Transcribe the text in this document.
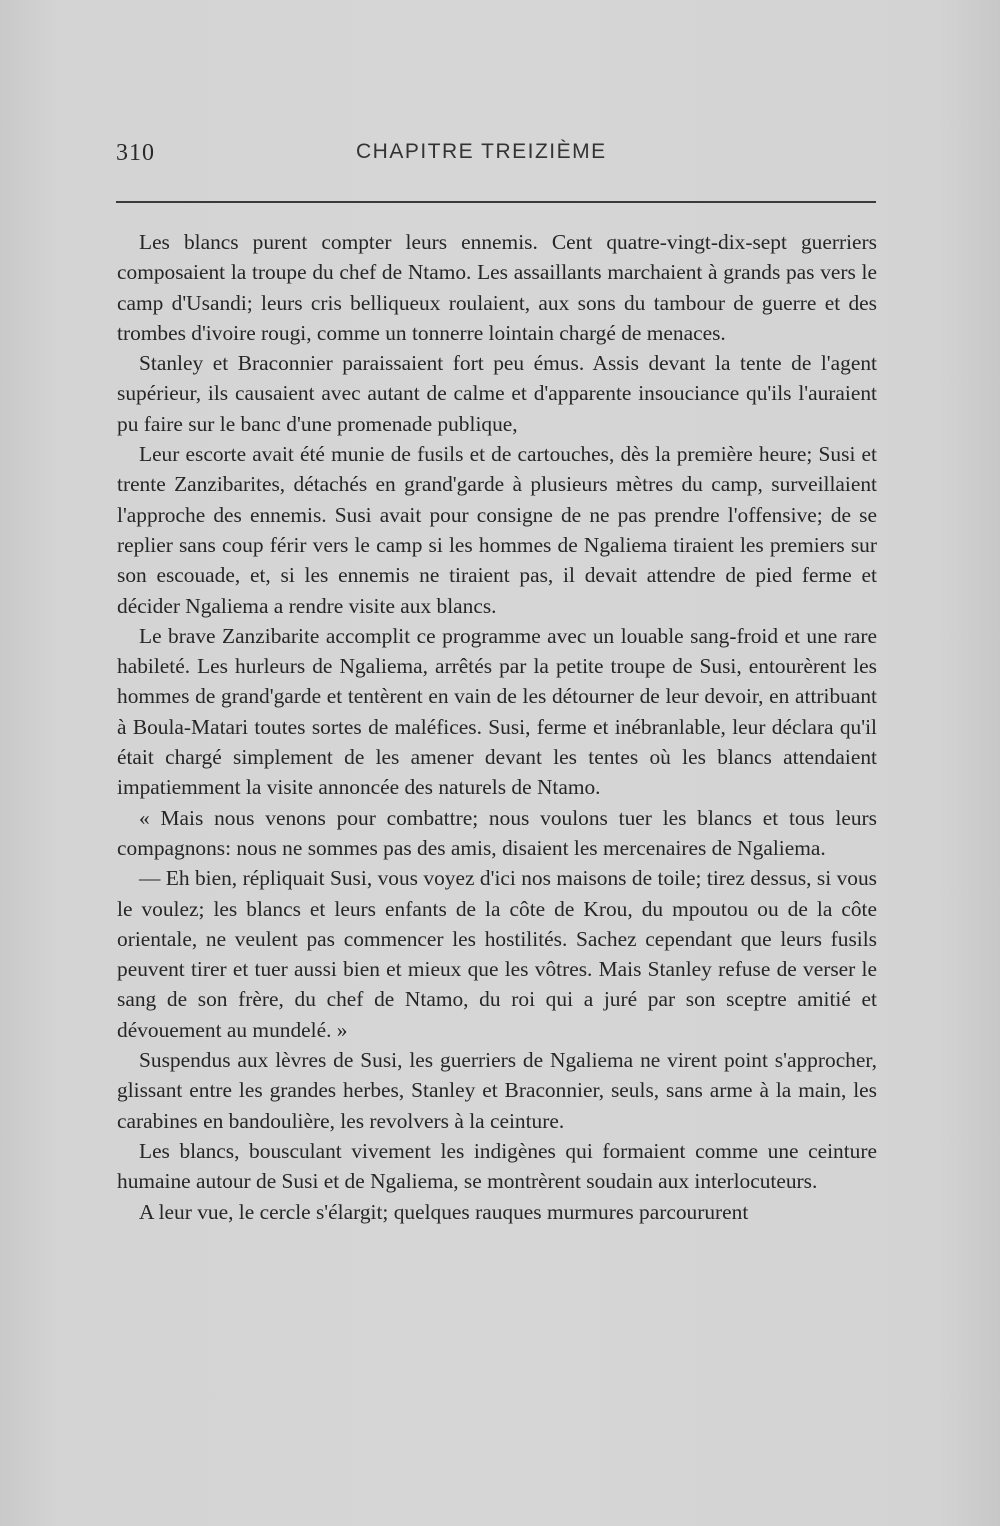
310	CHAPITRE TREIZIÈME

Les blancs purent compter leurs ennemis. Cent quatre-vingt-dix-sept guerriers composaient la troupe du chef de Ntamo. Les assaillants marchaient à grands pas vers le camp d'Usandi; leurs cris belliqueux roulaient, aux sons du tambour de guerre et des trombes d'ivoire rougi, comme un tonnerre lointain chargé de menaces.

Stanley et Braconnier paraissaient fort peu émus. Assis devant la tente de l'agent supérieur, ils causaient avec autant de calme et d'apparente insouciance qu'ils l'auraient pu faire sur le banc d'une promenade publique,

Leur escorte avait été munie de fusils et de cartouches, dès la première heure; Susi et trente Zanzibarites, détachés en grand'garde à plusieurs mètres du camp, surveillaient l'approche des ennemis. Susi avait pour consigne de ne pas prendre l'offensive; de se replier sans coup férir vers le camp si les hommes de Ngaliema tiraient les premiers sur son escouade, et, si les ennemis ne tiraient pas, il devait attendre de pied ferme et décider Ngaliema a rendre visite aux blancs.

Le brave Zanzibarite accomplit ce programme avec un louable sang-froid et une rare habileté. Les hurleurs de Ngaliema, arrêtés par la petite troupe de Susi, entourèrent les hommes de grand'garde et tentèrent en vain de les détourner de leur devoir, en attribuant à Boula-Matari toutes sortes de maléfices. Susi, ferme et inébranlable, leur déclara qu'il était chargé simplement de les amener devant les tentes où les blancs attendaient impatiemment la visite annoncée des naturels de Ntamo.

« Mais nous venons pour combattre; nous voulons tuer les blancs et tous leurs compagnons: nous ne sommes pas des amis, disaient les mercenaires de Ngaliema.

— Eh bien, répliquait Susi, vous voyez d'ici nos maisons de toile; tirez dessus, si vous le voulez; les blancs et leurs enfants de la côte de Krou, du mpoutou ou de la côte orientale, ne veulent pas commencer les hostilités. Sachez cependant que leurs fusils peuvent tirer et tuer aussi bien et mieux que les vôtres. Mais Stanley refuse de verser le sang de son frère, du chef de Ntamo, du roi qui a juré par son sceptre amitié et dévouement au mundelé. »

Suspendus aux lèvres de Susi, les guerriers de Ngaliema ne virent point s'approcher, glissant entre les grandes herbes, Stanley et Braconnier, seuls, sans arme à la main, les carabines en bandoulière, les revolvers à la ceinture.

Les blancs, bousculant vivement les indigènes qui formaient comme une ceinture humaine autour de Susi et de Ngaliema, se montrèrent soudain aux interlocuteurs.

A leur vue, le cercle s'élargit; quelques rauques murmures parcoururent
